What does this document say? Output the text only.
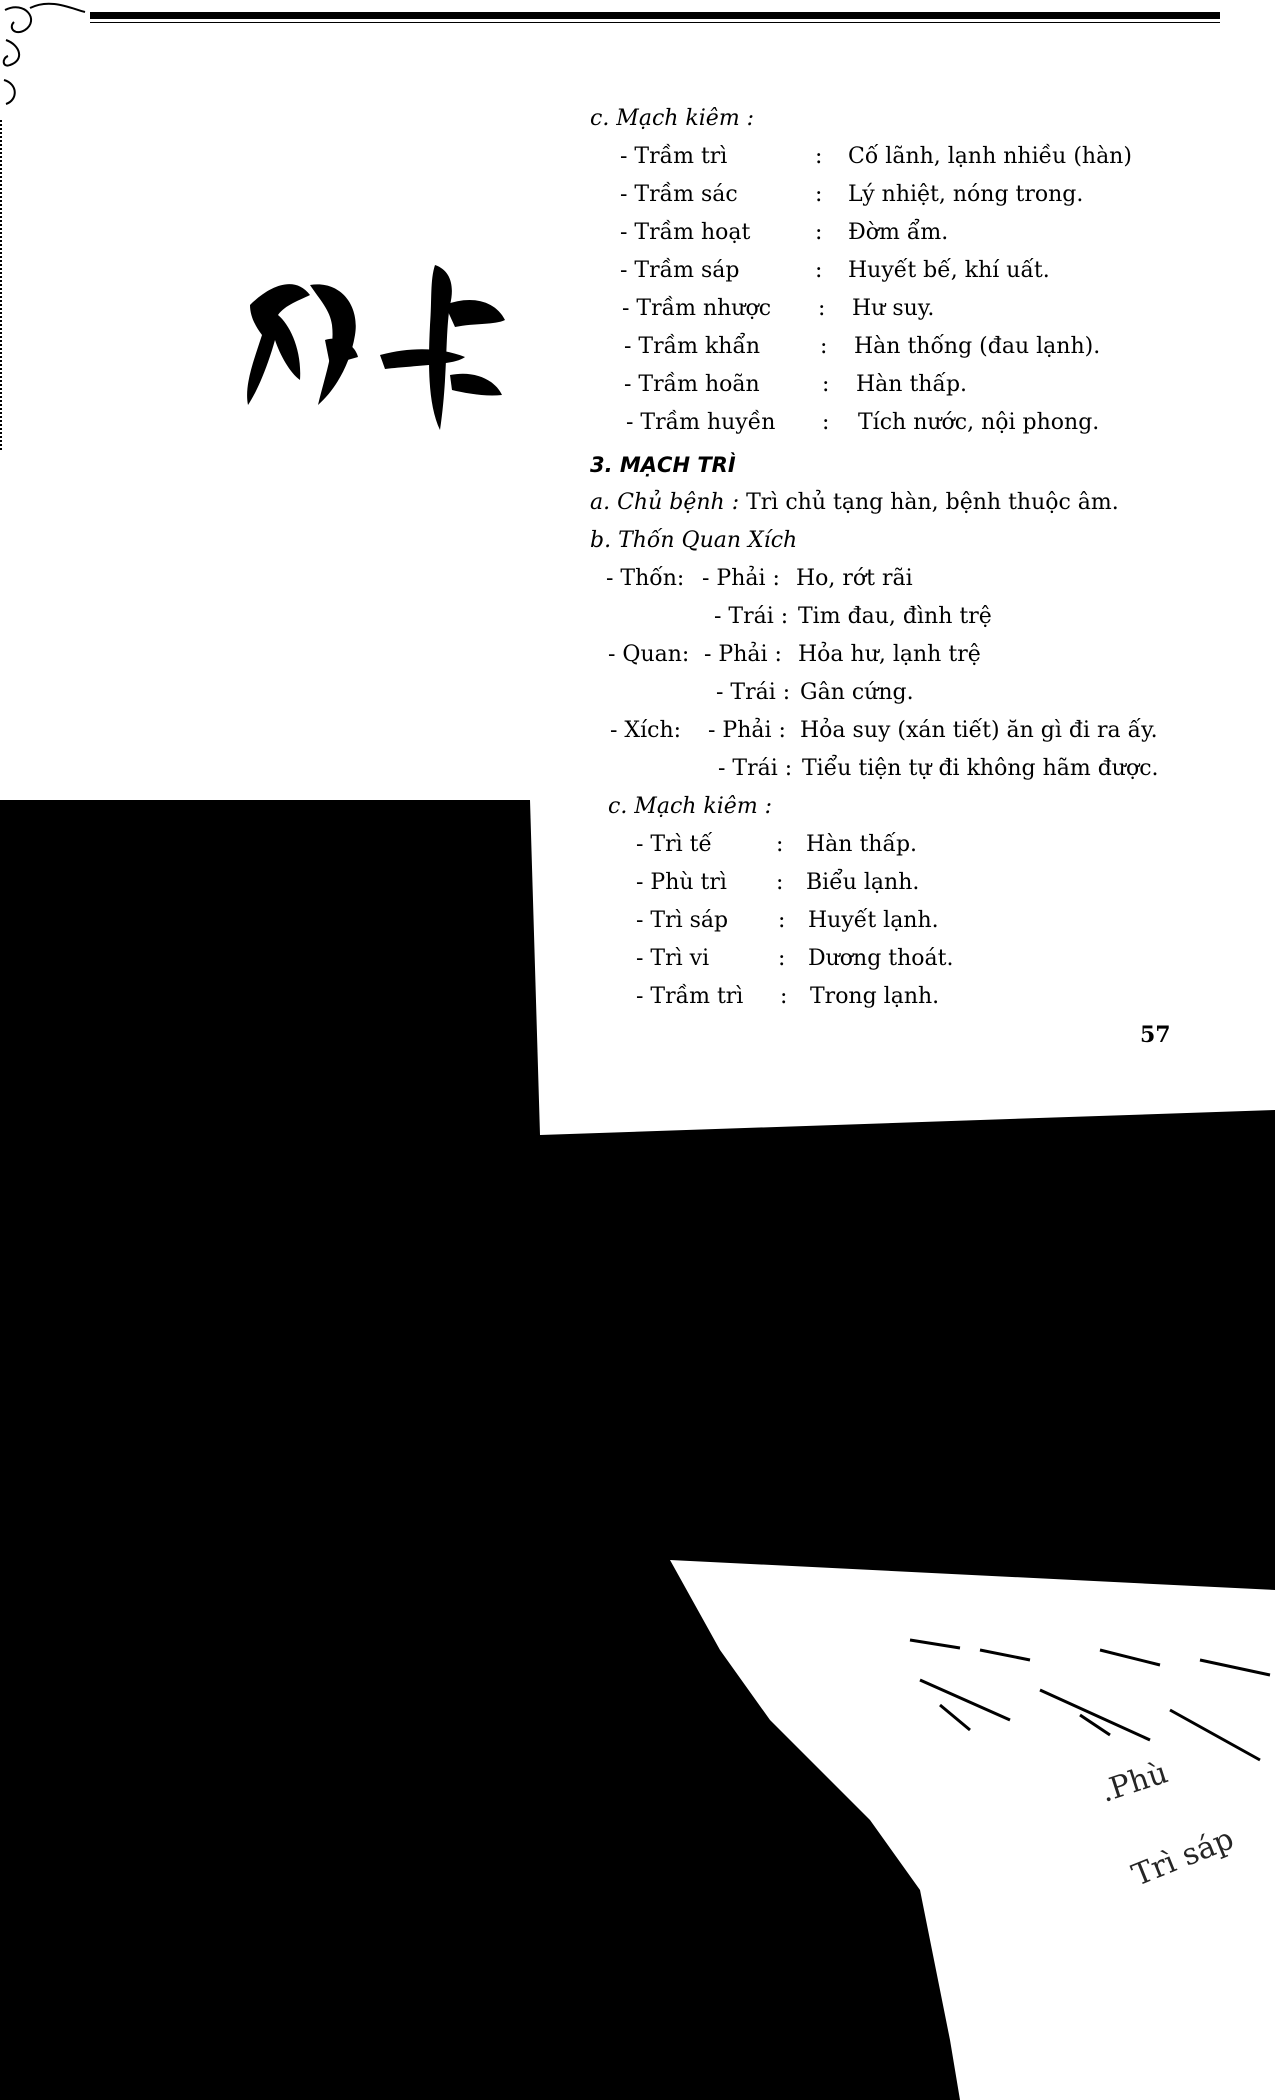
c. Mạch kiêm :
- Trầm trì	: Cố lãnh, lạnh nhiều (hàn)
- Trầm sác	: Lý nhiệt, nóng trong.
- Trầm hoạt	: Đờm ẩm.
- Trầm sáp	: Huyết bế, khí uất.
- Trầm nhược : Hư suy.
- Trầm khẩn	: Hàn thống (đau lạnh).
- Trầm hoãn	: Hàn thấp.
- Trầm huyền : Tích nước, nội phong.
3. MẠCH TRÌ
a. Chủ bệnh : Trì chủ tạng hàn, bệnh thuộc âm.
b. Thốn Quan Xích
- Thốn: - Phải : Ho, rớt rãi
- Trái : Tim đau, đình trệ
- Quan: - Phải : Hỏa hư, lạnh trệ
- Trái : Gân cứng.
- Xích: - Phải : Hỏa suy (xán tiết) ăn gì đi ra ấy.
- Trái : Tiểu tiện tự đi không hãm được.
c. Mạch kiêm :
- Trì tế	: Hàn thấp.
- Phù trì : Biểu lạnh.
- Trì sáp : Huyết lạnh.
- Trì vi	: Dương thoát.
- Trầm trì : Trong lạnh.
57
.Phù
Trì sáp
